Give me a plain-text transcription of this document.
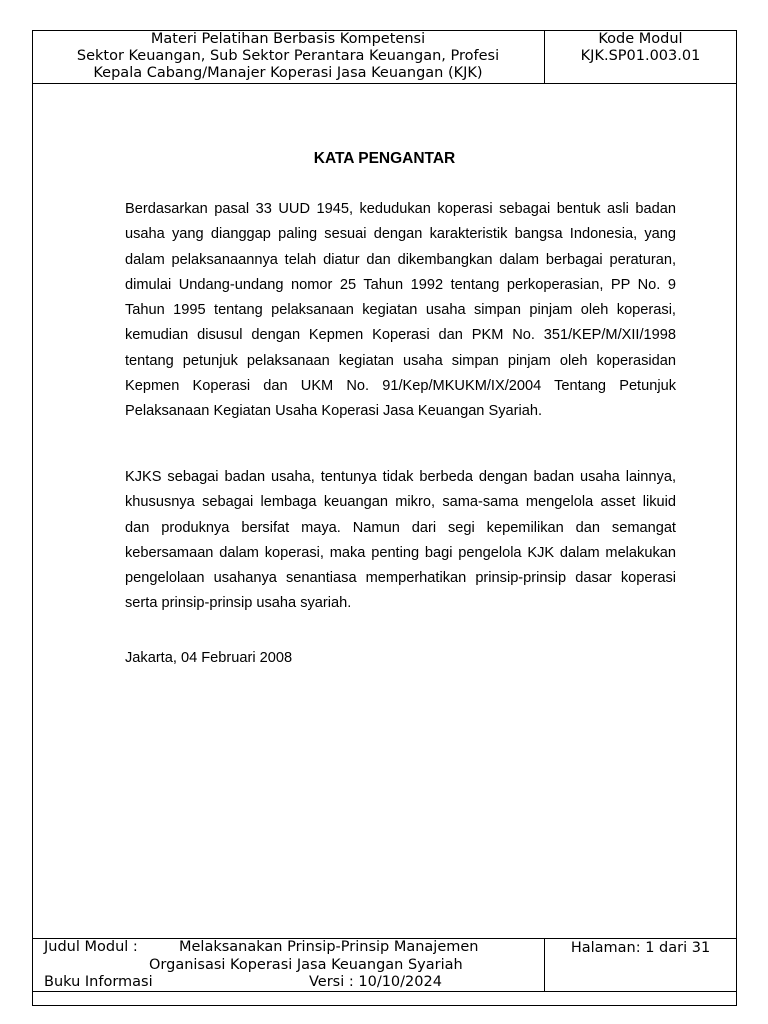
Materi Pelatihan Berbasis Kompetensi
Sektor Keuangan, Sub Sektor Perantara Keuangan, Profesi
Kepala Cabang/Manajer Koperasi Jasa Keuangan (KJK)
Kode Modul
KJK.SP01.003.01
KATA PENGANTAR

Berdasarkan pasal 33 UUD 1945, kedudukan koperasi sebagai bentuk asli badan usaha yang dianggap paling sesuai dengan karakteristik bangsa Indonesia, yang dalam pelaksanaannya telah diatur dan dikembangkan dalam berbagai peraturan, dimulai Undang-undang nomor 25 Tahun 1992 tentang perkoperasian, PP No. 9 Tahun 1995 tentang pelaksanaan kegiatan usaha simpan pinjam oleh koperasi, kemudian disusul dengan Kepmen Koperasi dan PKM No. 351/KEP/M/XII/1998 tentang petunjuk pelaksanaan kegiatan usaha simpan pinjam oleh koperasidan Kepmen Koperasi dan UKM No. 91/Kep/MKUKM/IX/2004 Tentang Petunjuk Pelaksanaan Kegiatan Usaha Koperasi Jasa Keuangan Syariah.

KJKS sebagai badan usaha, tentunya tidak berbeda dengan badan usaha lainnya, khususnya sebagai lembaga keuangan mikro, sama-sama mengelola asset likuid dan produknya bersifat maya. Namun dari segi kepemilikan dan semangat kebersamaan dalam koperasi, maka penting bagi pengelola KJK dalam melakukan pengelolaan usahanya senantiasa memperhatikan prinsip-prinsip dasar koperasi serta prinsip-prinsip usaha syariah.

Jakarta, 04 Februari 2008

Judul Modul :	Melaksanakan Prinsip-Prinsip Manajemen
Organisasi Koperasi Jasa Keuangan Syariah
Buku Informasi	Versi : 10/10/2024
Halaman: 1 dari 31
